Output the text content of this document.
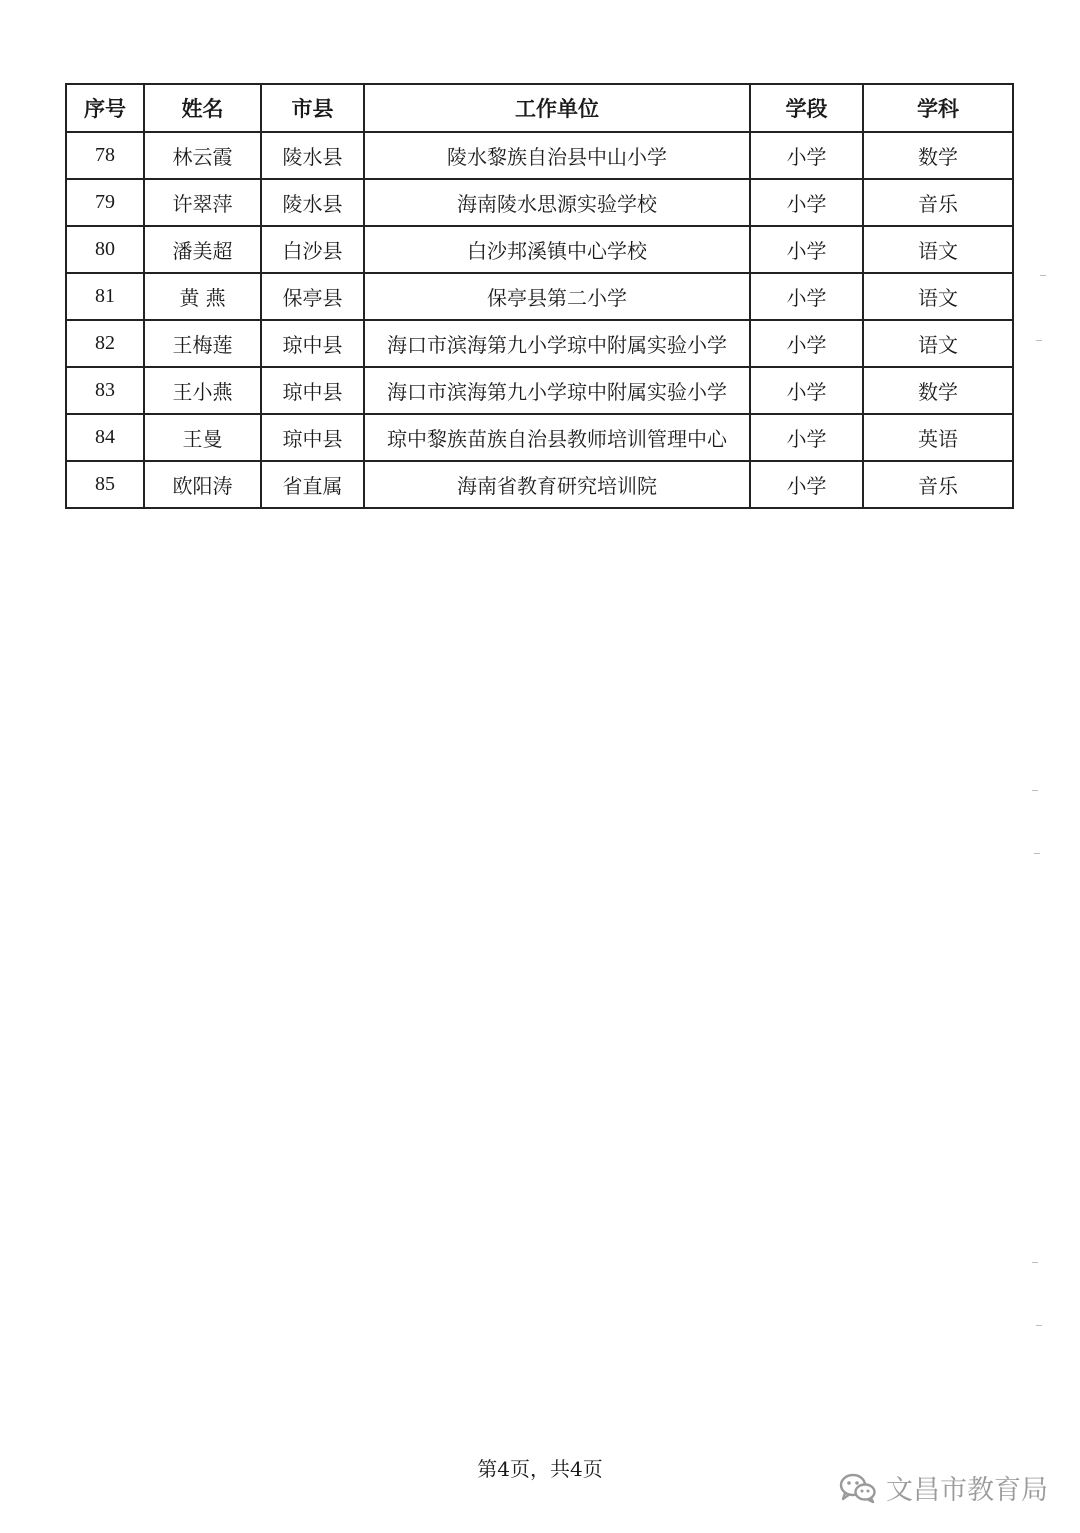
序号	姓名	市县	工作单位	学段	学科
78	林云霞	陵水县	陵水黎族自治县中山小学	小学	数学
79	许翠萍	陵水县	海南陵水思源实验学校	小学	音乐
80	潘美超	白沙县	白沙邦溪镇中心学校	小学	语文
81	黄 燕	保亭县	保亭县第二小学	小学	语文
82	王梅莲	琼中县	海口市滨海第九小学琼中附属实验小学	小学	语文
83	王小燕	琼中县	海口市滨海第九小学琼中附属实验小学	小学	数学
84	王曼	琼中县	琼中黎族苗族自治县教师培训管理中心	小学	英语
85	欧阳涛	省直属	海南省教育研究培训院	小学	音乐
第4页，共4页
文昌市教育局
